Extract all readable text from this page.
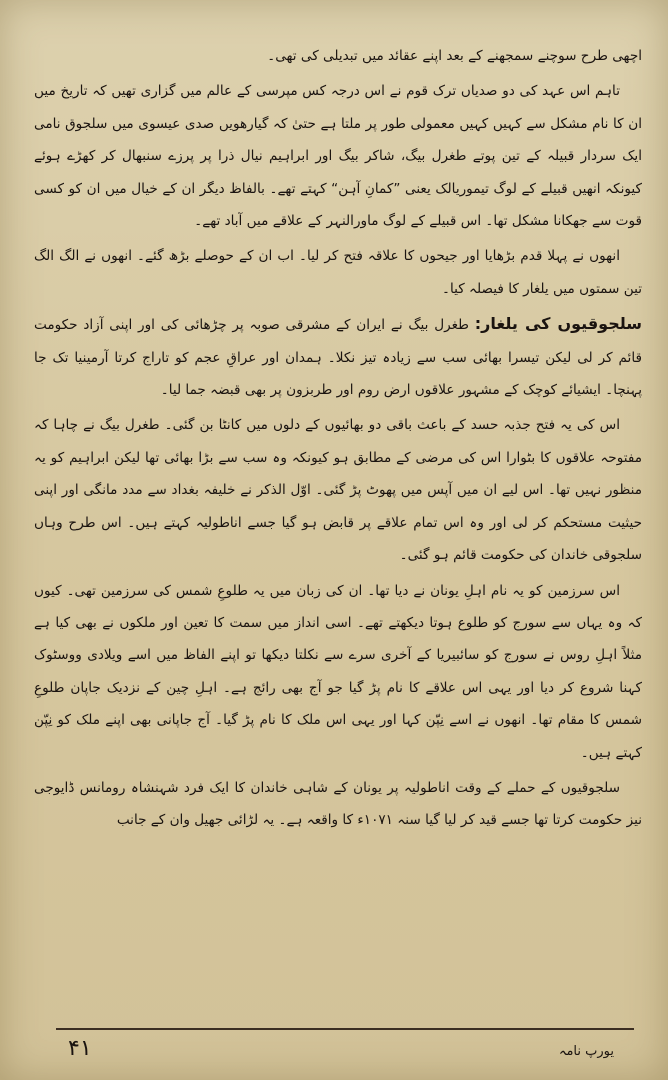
اچھی طرح سوچنے سمجھنے کے بعد اپنے عقائد میں تبدیلی کی تھی۔

تاہم اس عہد کی دو صدیاں ترک قوم نے اس درجہ کس مپرسی کے عالم میں گزاری تھیں کہ تاریخ میں ان کا نام مشکل سے کہیں کہیں معمولی طور پر ملتا ہے حتیٰ کہ گیارھویں صدی عیسوی میں سلجوق نامی ایک سردار قبیلہ کے تین پوتے طغرل بیگ، شاکر بیگ اور ابراہیم نیال ذرا پر پرزے سنبھال کر کھڑے ہوئے کیونکہ انھیں قبیلے کے لوگ تیموریالک یعنی ”کمانِ آہن“ کہتے تھے۔ بالفاظ دیگر ان کے خیال میں ان کو کسی قوت سے جھکانا مشکل تھا۔ اس قبیلے کے لوگ ماورالنہر کے علاقے میں آباد تھے۔

انھوں نے پہلا قدم بڑھایا اور جیحوں کا علاقہ فتح کر لیا۔ اب ان کے حوصلے بڑھ گئے۔ انھوں نے الگ الگ تین سمتوں میں یلغار کا فیصلہ کیا۔

سلجوقیوں کی یلغار: طغرل بیگ نے ایران کے مشرقی صوبہ پر چڑھائی کی اور اپنی آزاد حکومت قائم کر لی لیکن تیسرا بھائی سب سے زیادہ تیز نکلا۔ ہمدان اور عراقِ عجم کو تاراج کرتا آرمینیا تک جا پہنچا۔ ایشیائے کوچک کے مشہور علاقوں ارض روم اور طربزون پر بھی قبضہ جما لیا۔

اس کی یہ فتح جذبہ حسد کے باعث باقی دو بھائیوں کے دلوں میں کانٹا بن گئی۔ طغرل بیگ نے چاہا کہ مفتوحہ علاقوں کا بٹوارا اس کی مرضی کے مطابق ہو کیونکہ وہ سب سے بڑا بھائی تھا لیکن ابراہیم کو یہ منظور نہیں تھا۔ اس لیے ان میں آپس میں پھوٹ پڑ گئی۔ اوّل الذکر نے خلیفہ بغداد سے مدد مانگی اور اپنی حیثیت مستحکم کر لی اور وہ اس تمام علاقے پر قابض ہو گیا جسے اناطولیہ کہتے ہیں۔ اس طرح وہاں سلجوقی خاندان کی حکومت قائم ہو گئی۔

اس سرزمین کو یہ نام اہلِ یونان نے دیا تھا۔ ان کی زبان میں یہ طلوعِ شمس کی سرزمین تھی۔ کیوں کہ وہ یہاں سے سورج کو طلوع ہوتا دیکھتے تھے۔ اسی انداز میں سمت کا تعین اور ملکوں نے بھی کیا ہے مثلاً اہلِ روس نے سورج کو سائبیریا کے آخری سرے سے نکلتا دیکھا تو اپنے الفاظ میں اسے ویلادی ووسٹوک کہنا شروع کر دیا اور یہی اس علاقے کا نام پڑ گیا جو آج بھی رائج ہے۔ اہلِ چین کے نزدیک جاپان طلوعِ شمس کا مقام تھا۔ انھوں نے اسے نِپّن کہا اور یہی اس ملک کا نام پڑ گیا۔ آج جاپانی بھی اپنے ملک کو نِپّن کہتے ہیں۔

سلجوقیوں کے حملے کے وقت اناطولیہ پر یونان کے شاہی خاندان کا ایک فرد شہنشاہ رومانس ڈایوجی نیز حکومت کرتا تھا جسے قید کر لیا گیا سنہ ۱۰۷۱ء کا واقعہ ہے۔ یہ لڑائی جھیل وان کے جانب

۴۱	یورپ نامہ
